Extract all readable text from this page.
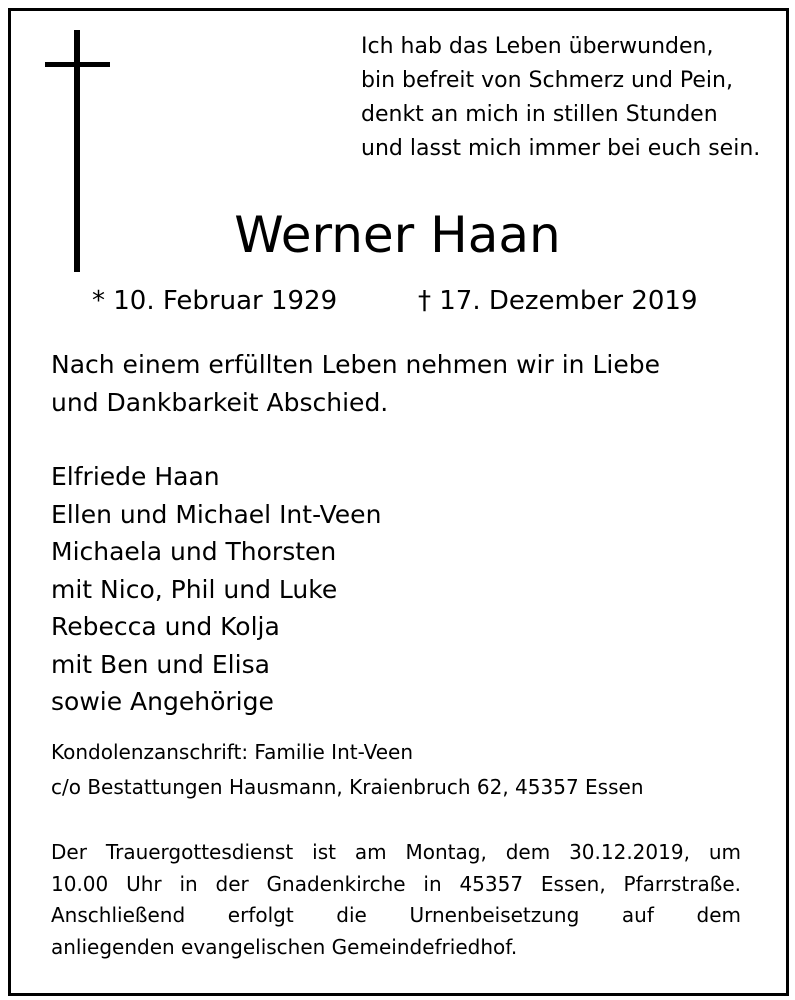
Ich hab das Leben überwunden,
bin befreit von Schmerz und Pein,
denkt an mich in stillen Stunden
und lasst mich immer bei euch sein.
Werner Haan
* 10. Februar 1929	† 17. Dezember 2019
Nach einem erfüllten Leben nehmen wir in Liebe
und Dankbarkeit Abschied.
Elfriede Haan
Ellen und Michael Int-Veen
Michaela und Thorsten
mit Nico, Phil und Luke
Rebecca und Kolja
mit Ben und Elisa
sowie Angehörige
Kondolenzanschrift: Familie Int-Veen
c/o Bestattungen Hausmann, Kraienbruch 62, 45357 Essen
Der Trauergottesdienst ist am Montag, dem 30.12.2019, um
10.00 Uhr in der Gnadenkirche in 45357 Essen, Pfarrstraße.
Anschließend erfolgt die Urnenbeisetzung auf dem
anliegenden evangelischen Gemeindefriedhof.
